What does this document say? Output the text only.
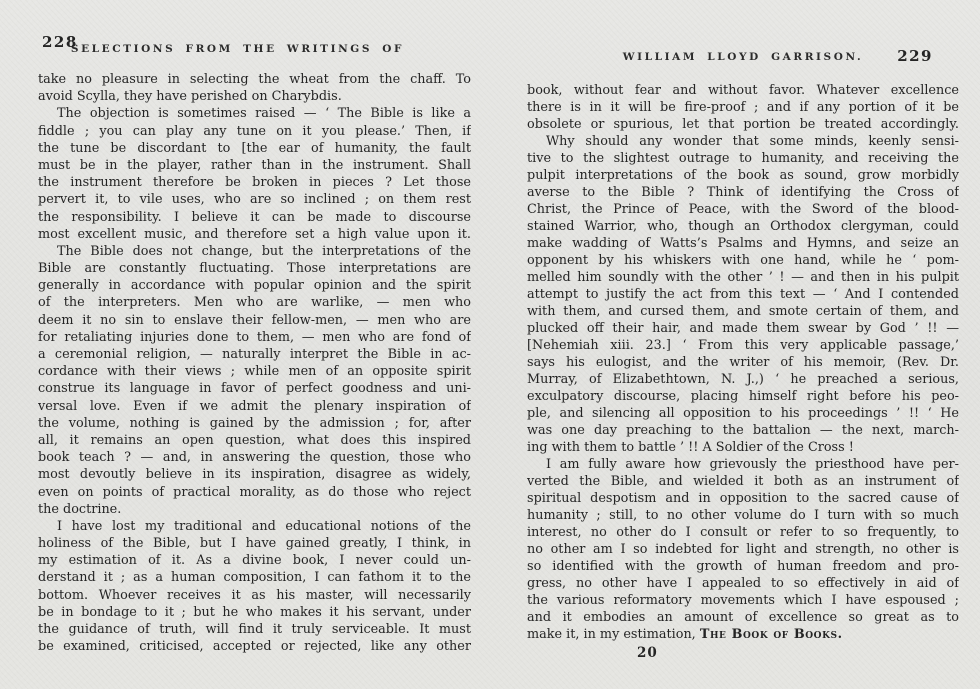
228
SELECTIONS FROM THE WRITINGS OF
take no pleasure in selecting the wheat from the chaff. To
avoid Scylla, they have perished on Charybdis.
The objection is sometimes raised — ‘ The Bible is like a
fiddle ; you can play any tune on it you please.’ Then, if
the tune be discordant to [the ear of humanity, the fault
must be in the player, rather than in the instrument. Shall
the instrument therefore be broken in pieces ? Let those
pervert it, to vile uses, who are so inclined ; on them rest
the responsibility. I believe it can be made to discourse
most excellent music, and therefore set a high value upon it.
The Bible does not change, but the interpretations of the
Bible are constantly fluctuating. Those interpretations are
generally in accordance with popular opinion and the spirit
of the interpreters. Men who are warlike, — men who
deem it no sin to enslave their fellow-men, — men who are
for retaliating injuries done to them, — men who are fond of
a ceremonial religion, — naturally interpret the Bible in ac-
cordance with their views ; while men of an opposite spirit
construe its language in favor of perfect goodness and uni-
versal love. Even if we admit the plenary inspiration of
the volume, nothing is gained by the admission ; for, after
all, it remains an open question, what does this inspired
book teach ? — and, in answering the question, those who
most devoutly believe in its inspiration, disagree as widely,
even on points of practical morality, as do those who reject
the doctrine.
I have lost my traditional and educational notions of the
holiness of the Bible, but I have gained greatly, I think, in
my estimation of it. As a divine book, I never could un-
derstand it ; as a human composition, I can fathom it to the
bottom. Whoever receives it as his master, will necessarily
be in bondage to it ; but he who makes it his servant, under
the guidance of truth, will find it truly serviceable. It must
be examined, criticised, accepted or rejected, like any other
229
WILLIAM LLOYD GARRISON.
book, without fear and without favor. Whatever excellence
there is in it will be fire-proof ; and if any portion of it be
obsolete or spurious, let that portion be treated accordingly.
Why should any wonder that some minds, keenly sensi-
tive to the slightest outrage to humanity, and receiving the
pulpit interpretations of the book as sound, grow morbidly
averse to the Bible ? Think of identifying the Cross of
Christ, the Prince of Peace, with the Sword of the blood-
stained Warrior, who, though an Orthodox clergyman, could
make wadding of Watts’s Psalms and Hymns, and seize an
opponent by his whiskers with one hand, while he ‘ pom-
melled him soundly with the other ’ ! — and then in his pulpit
attempt to justify the act from this text — ‘ And I contended
with them, and cursed them, and smote certain of them, and
plucked off their hair, and made them swear by God ’ !! —
[Nehemiah xiii. 23.] ‘ From this very applicable passage,’
says his eulogist, and the writer of his memoir, (Rev. Dr.
Murray, of Elizabethtown, N. J.,) ‘ he preached a serious,
exculpatory discourse, placing himself right before his peo-
ple, and silencing all opposition to his proceedings ’ !! ‘ He
was one day preaching to the battalion — the next, march-
ing with them to battle ’ !! A Soldier of the Cross !
I am fully aware how grievously the priesthood have per-
verted the Bible, and wielded it both as an instrument of
spiritual despotism and in opposition to the sacred cause of
humanity ; still, to no other volume do I turn with so much
interest, no other do I consult or refer to so frequently, to
no other am I so indebted for light and strength, no other is
so identified with the growth of human freedom and pro-
gress, no other have I appealed to so effectively in aid of
the various reformatory movements which I have espoused ;
and it embodies an amount of excellence so great as to
make it, in my estimation, The Book of Books.
20
